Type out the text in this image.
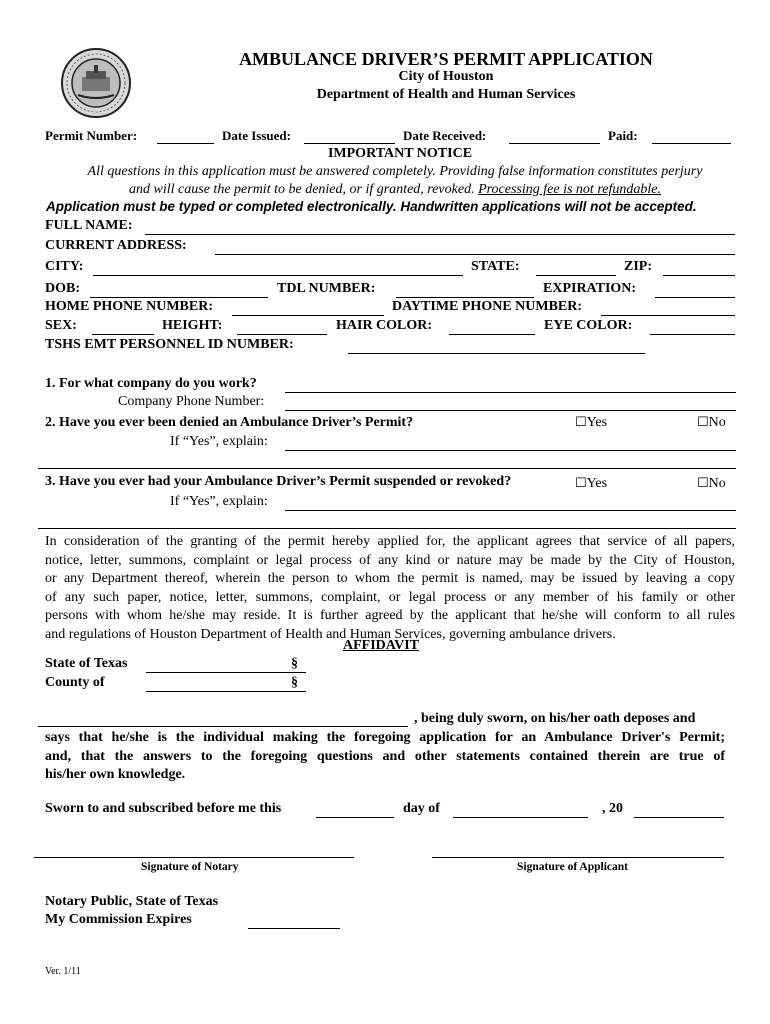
AMBULANCE DRIVER’S PERMIT APPLICATION
City of Houston
Department of Health and Human Services
Permit Number:	Date Issued:	Date Received:	Paid:
IMPORTANT NOTICE
All questions in this application must be answered completely. Providing false information constitutes perjury
and will cause the permit to be denied, or if granted, revoked. Processing fee is not refundable.
Application must be typed or completed electronically. Handwritten applications will not be accepted.
FULL NAME:
CURRENT ADDRESS:
CITY:	STATE:	ZIP:
DOB:	TDL NUMBER:	EXPIRATION:
HOME PHONE NUMBER:	DAYTIME PHONE NUMBER:
SEX:	HEIGHT:	HAIR COLOR:	EYE COLOR:
TSHS EMT PERSONNEL ID NUMBER:
1. For what company do you work?
Company Phone Number:
2. Have you ever been denied an Ambulance Driver’s Permit?	☐Yes	☐No
If “Yes”, explain:
3. Have you ever had your Ambulance Driver’s Permit suspended or revoked?	☐Yes	☐No
If “Yes”, explain:
In consideration of the granting of the permit hereby applied for, the applicant agrees that service of all papers,
notice, letter, summons, complaint or legal process of any kind or nature may be made by the City of Houston,
or any Department thereof, wherein the person to whom the permit is named, may be issued by leaving a copy
of any such paper, notice, letter, summons, complaint, or legal process or any member of his family or other
persons with whom he/she may reside. It is further agreed by the applicant that he/she will conform to all rules
and regulations of Houston Department of Health and Human Services, governing ambulance drivers.
AFFIDAVIT
State of Texas	§
County of	§
, being duly sworn, on his/her oath deposes and
says that he/she is the individual making the foregoing application for an Ambulance Driver's Permit;
and, that the answers to the foregoing questions and other statements contained therein are true of
his/her own knowledge.
Sworn to and subscribed before me this	day of	, 20
Signature of Notary	Signature of Applicant
Notary Public, State of Texas
My Commission Expires
Ver. 1/11
